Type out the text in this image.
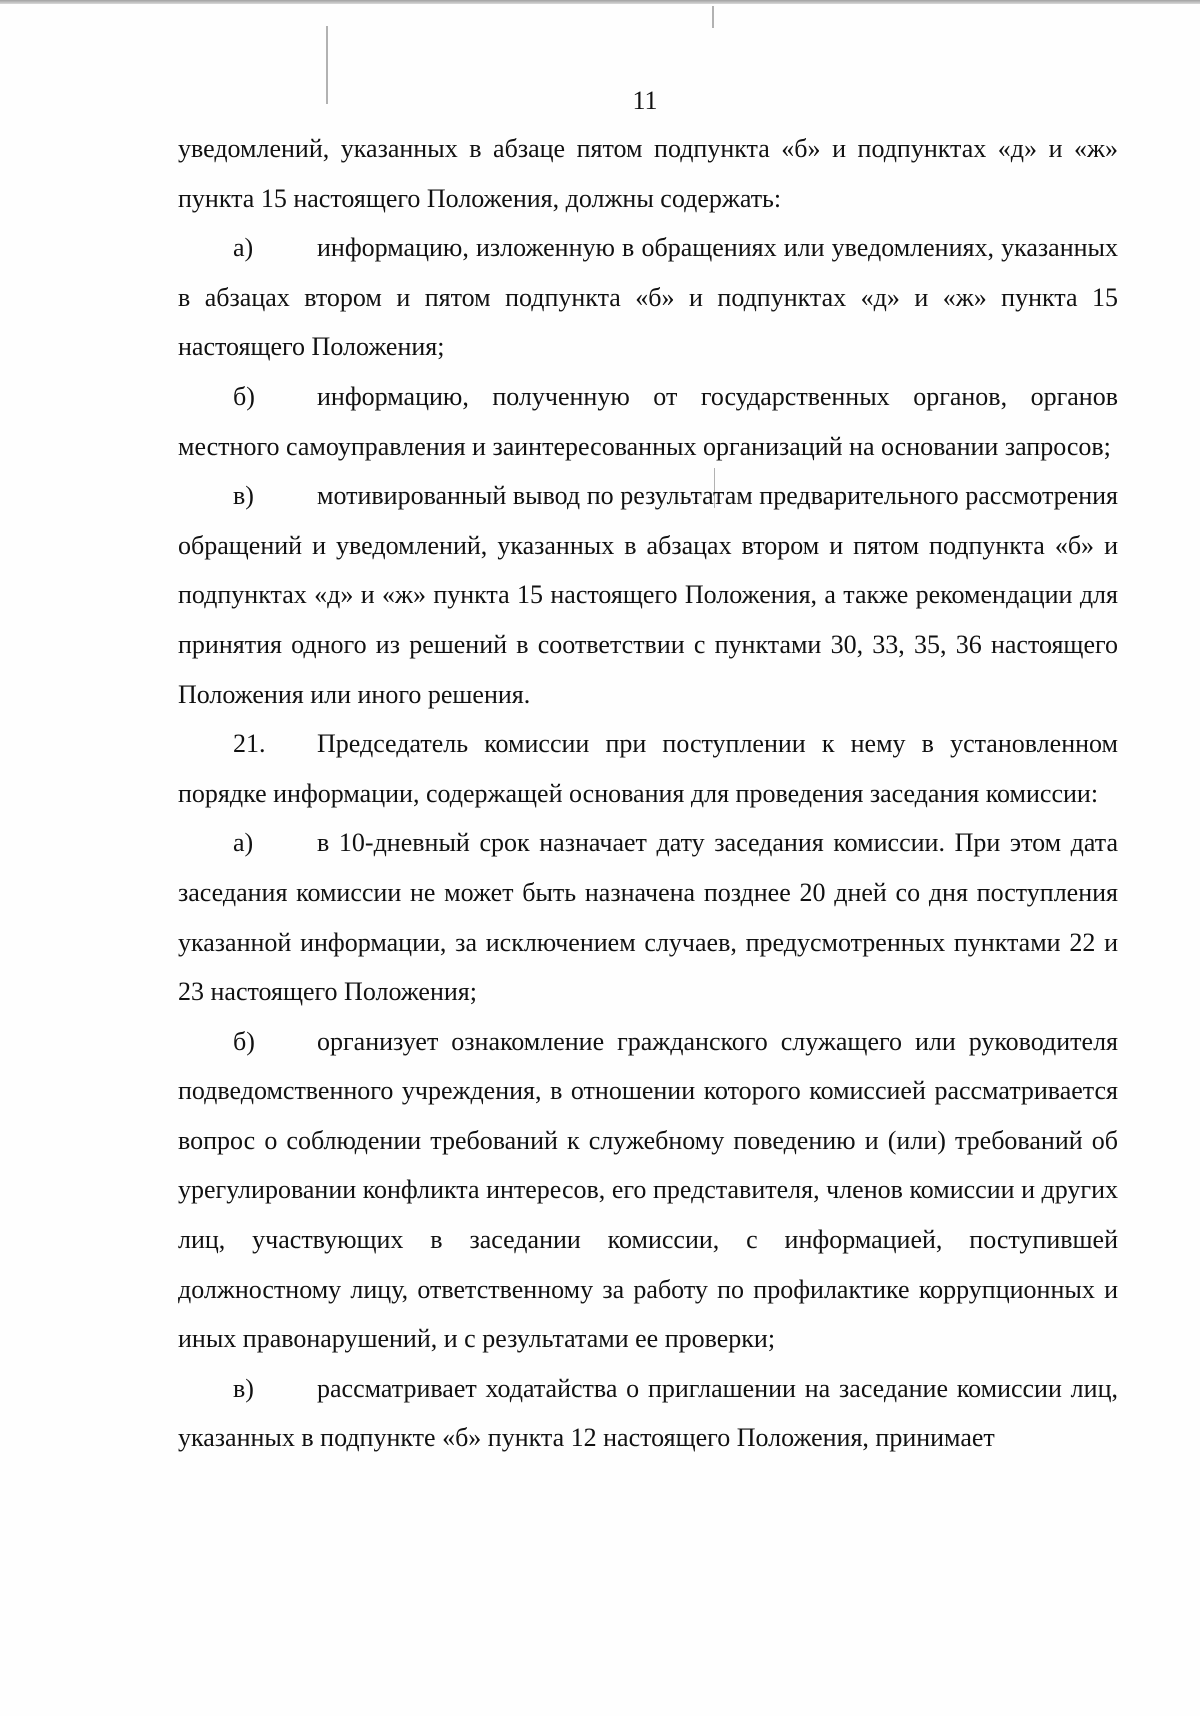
11

уведомлений, указанных в абзаце пятом подпункта «б» и подпунктах «д» и «ж» пункта 15 настоящего Положения, должны содержать:

а) информацию, изложенную в обращениях или уведомлениях, указанных в абзацах втором и пятом подпункта «б» и подпунктах «д» и «ж» пункта 15 настоящего Положения;

б) информацию, полученную от государственных органов, органов местного самоуправления и заинтересованных организаций на основании запросов;

в) мотивированный вывод по результатам предварительного рассмотрения обращений и уведомлений, указанных в абзацах втором и пятом подпункта «б» и подпунктах «д» и «ж» пункта 15 настоящего Положения, а также рекомендации для принятия одного из решений в соответствии с пунктами 30, 33, 35, 36 настоящего Положения или иного решения.

21. Председатель комиссии при поступлении к нему в установленном порядке информации, содержащей основания для проведения заседания комиссии:

а) в 10-дневный срок назначает дату заседания комиссии. При этом дата заседания комиссии не может быть назначена позднее 20 дней со дня поступления указанной информации, за исключением случаев, предусмотренных пунктами 22 и 23 настоящего Положения;

б) организует ознакомление гражданского служащего или руководителя подведомственного учреждения, в отношении которого комиссией рассматривается вопрос о соблюдении требований к служебному поведению и (или) требований об урегулировании конфликта интересов, его представителя, членов комиссии и других лиц, участвующих в заседании комиссии, с информацией, поступившей должностному лицу, ответственному за работу по профилактике коррупционных и иных правонарушений, и с результатами ее проверки;

в) рассматривает ходатайства о приглашении на заседание комиссии лиц, указанных в подпункте «б» пункта 12 настоящего Положения, принимает
